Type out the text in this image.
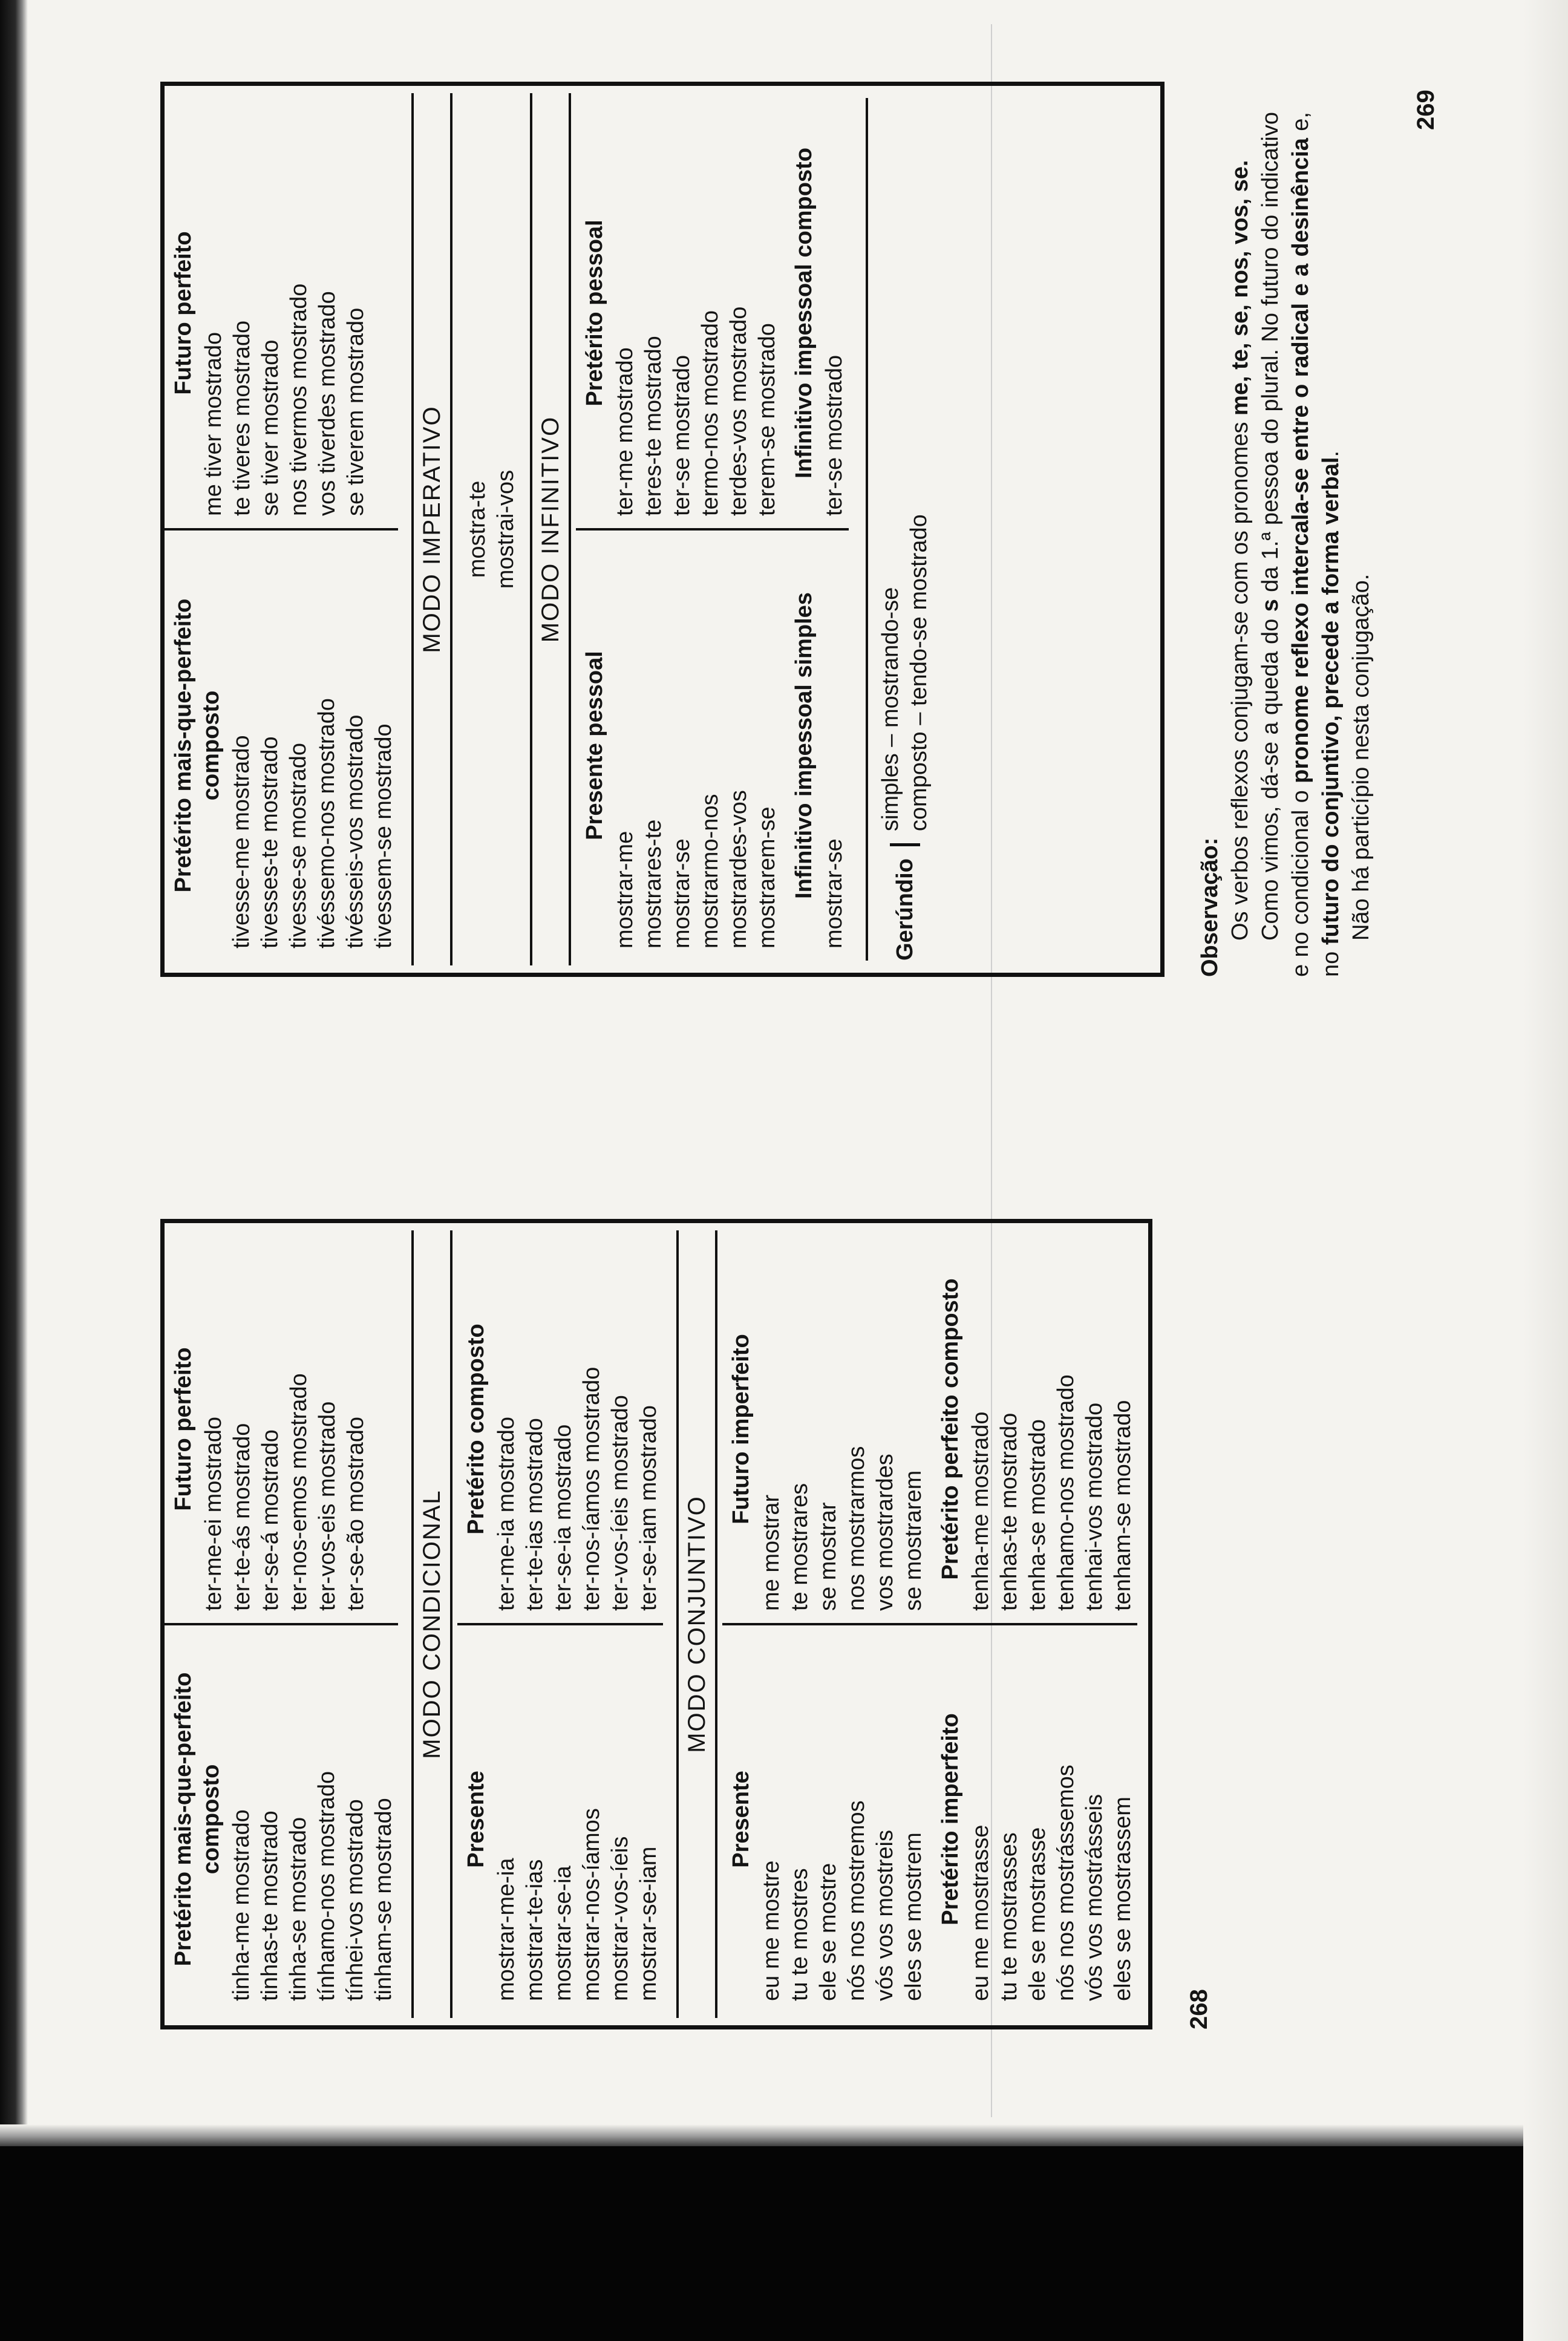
Pretérito mais-que-perfeito composto tinha-me mostrado tinhas-te mostrado tinha-se mostrado tínhamo-nos mostrado tínhei-vos mostrado tinham-se mostrado
Futuro perfeito ter-me-ei mostrado ter-te-ás mostrado ter-se-á mostrado ter-nos-emos mostrado ter-vos-eis mostrado ter-se-ão mostrado	MODO CONDICIONAL
Presente
mostrar-me-ia mostrar-te-ias mostrar-se-ia mostrar-nos-íamos mostrar-vos-íeis mostrar-se-iam
Pretérito composto ter-me-ia mostrado ter-te-ias mostrado ter-se-ia mostrado ter-nos-íamos mostrado ter-vos-íeis mostrado ter-se-iam mostrado MODO CONJUNTIVO
Presente
eu me mostre tu te mostres ele se mostre nós nos mostremos vós vos mostreis eles se mostrem Pretérito imperfeito eu me mostrasse tu te mostrasses ele se mostrasse nós nos mostrássemos vós vos mostrásseis eles se mostrassem
Futuro imperfeito
me mostrar te mostrares se mostrar nos mostrarmos vos mostrardes se mostrarem Pretérito perfeito composto tenha-me mostrado tenhas-te mostrado tenha-se mostrado tenhamo-nos mostrado tenhai-vos mostrado tenham-se mostrado
268
Pretérito mais-que-perfeito composto tivesse-me mostrado tivesses-te mostrado tivesse-se mostrado tivéssemo-nos mostrado tivésseis-vos mostrado tivessem-se mostrado
Futuro perfeito
me tiver mostrado te tiveres mostrado se tiver mostrado nos tivermos mostrado vos tiverdes mostrado se tiverem mostrado	MODO IMPERATIVO mostra-te mostrai-vos MODO INFINITIVO
Presente pessoal
mostrar-me mostrares-te mostrar-se mostrarmo-nos mostrardes-vos mostrarem-se Infinitivo impessoal simples mostrar-se
Pretérito pessoal
ter-me mostrado teres-te mostrado ter-se mostrado termo-nos mostrado terdes-vos mostrado terem-se mostrado Infinitivo impessoal composto ter-se mostrado
Gerúndio
simples – mostrando-se composto – tendo-se mostrado
Observação: Os verbos reflexos conjugam-se com os pronomes me, te, se, nos, vos, se.

Como vimos, dá-se a queda do s da 1.ª pessoa do plural. No futuro do indicativo e no condicional o pronome reflexo intercala-se entre o radical e a desinência e, no futuro do conjuntivo, precede a forma verbal.

Não há particípio nesta conjugação.

269
